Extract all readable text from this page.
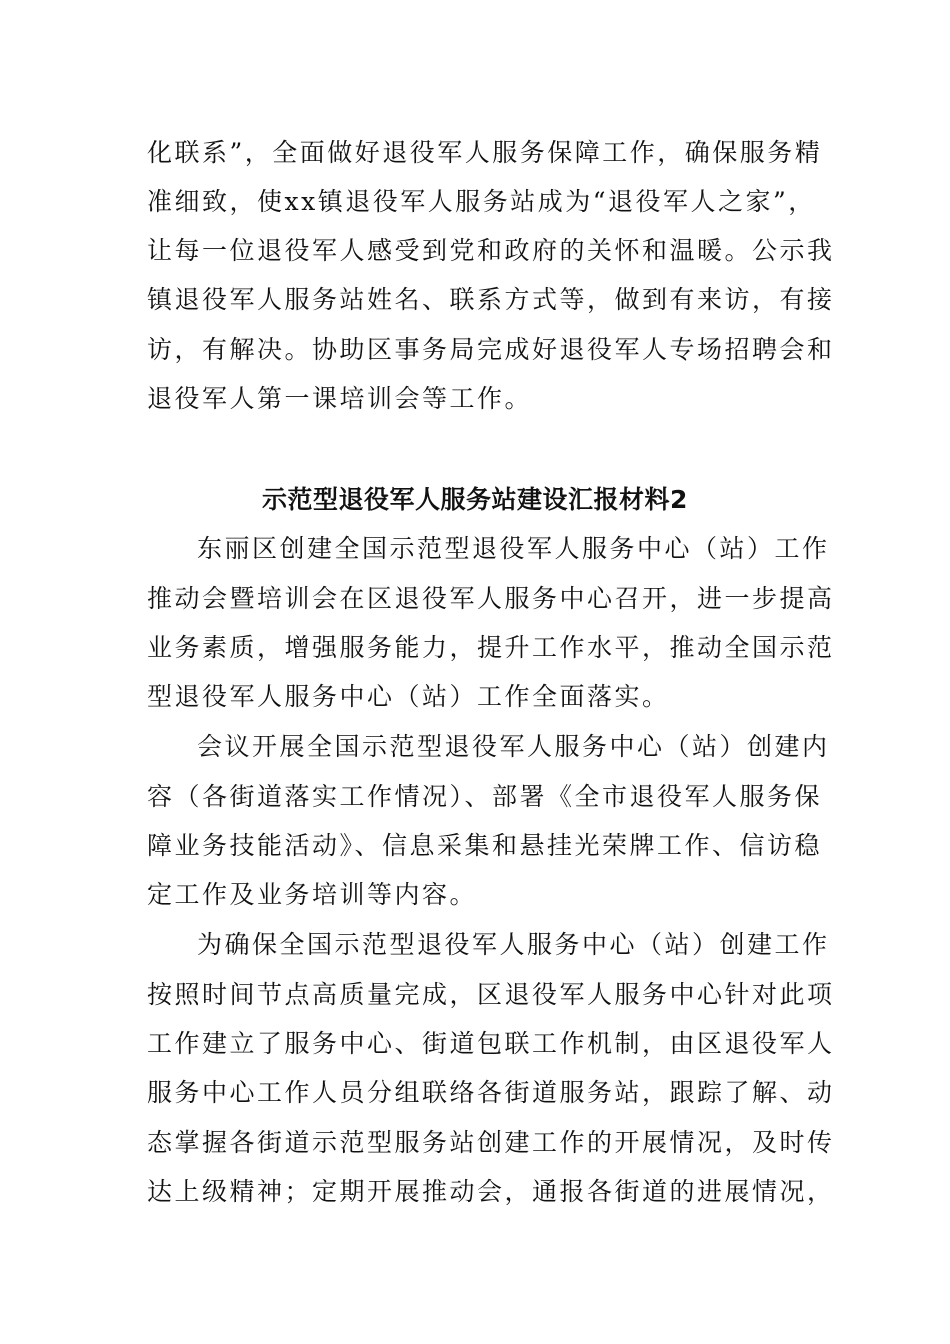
化联系”，全面做好退役军人服务保障工作，确保服务精
准细致，使xx镇退役军人服务站成为“退役军人之家”，
让每一位退役军人感受到党和政府的关怀和温暖。公示我
镇退役军人服务站姓名、联系方式等，做到有来访，有接
访，有解决。协助区事务局完成好退役军人专场招聘会和
退役军人第一课培训会等工作。
示范型退役军人服务站建设汇报材料2
东丽区创建全国示范型退役军人服务中心（站）工作
推动会暨培训会在区退役军人服务中心召开，进一步提高
业务素质，增强服务能力，提升工作水平，推动全国示范
型退役军人服务中心（站）工作全面落实。
会议开展全国示范型退役军人服务中心（站）创建内
容（各街道落实工作情况）、部署《全市退役军人服务保
障业务技能活动》、信息采集和悬挂光荣牌工作、信访稳
定工作及业务培训等内容。
为确保全国示范型退役军人服务中心（站）创建工作
按照时间节点高质量完成，区退役军人服务中心针对此项
工作建立了服务中心、街道包联工作机制，由区退役军人
服务中心工作人员分组联络各街道服务站，跟踪了解、动
态掌握各街道示范型服务站创建工作的开展情况，及时传
达上级精神；定期开展推动会，通报各街道的进展情况，
